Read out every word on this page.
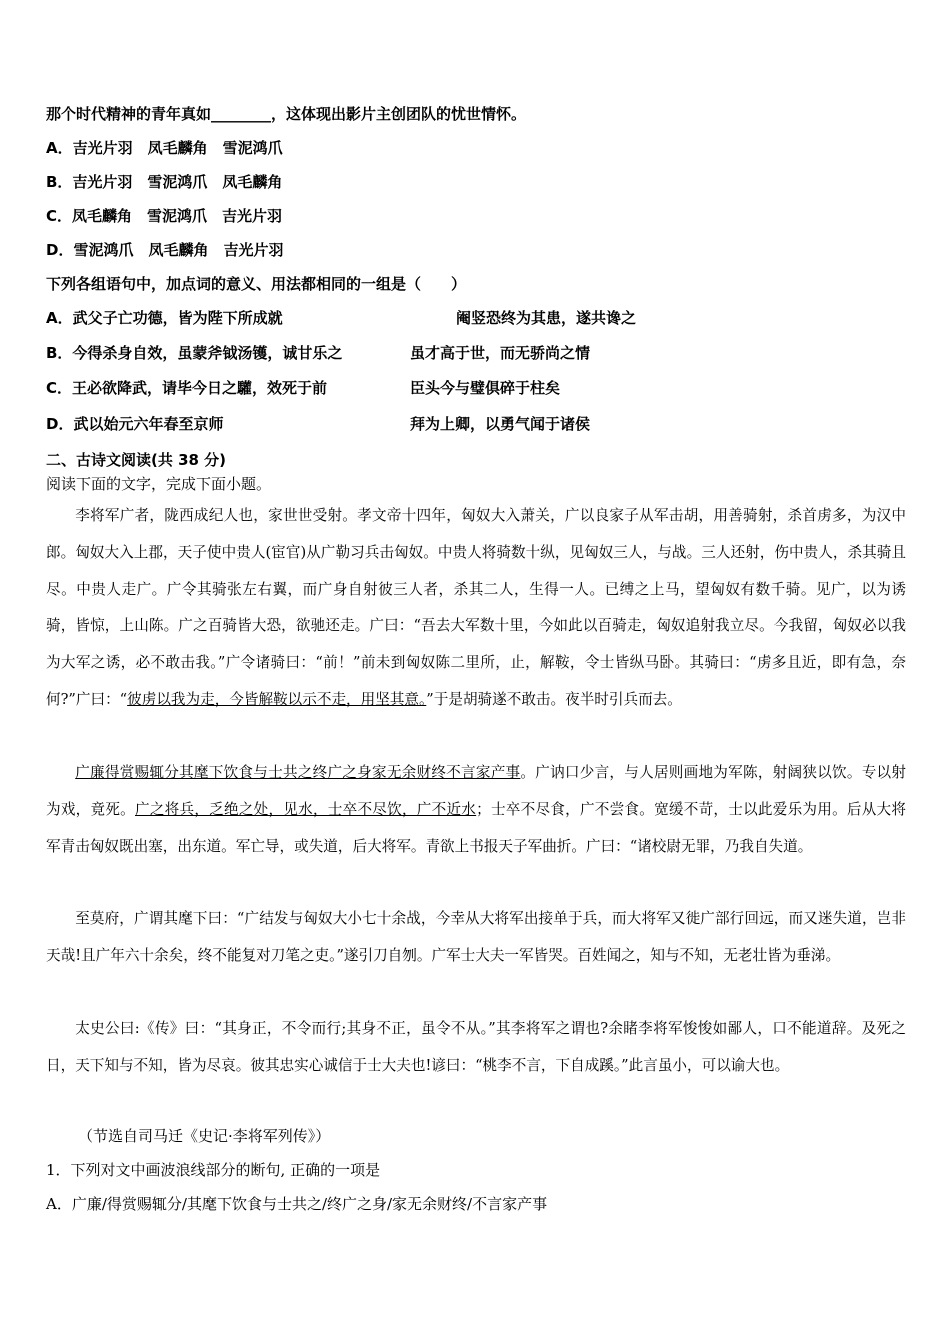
那个时代精神的青年真如________，这体现出影片主创团队的忧世情怀。
A．吉光片羽　凤毛麟角　雪泥鸿爪
B．吉光片羽　雪泥鸿爪　凤毛麟角
C．凤毛麟角　雪泥鸿爪　吉光片羽
D．雪泥鸿爪　凤毛麟角　吉光片羽
下列各组语句中，加点词的意义、用法都相同的一组是（　　）
A．武父子亡功德，皆为陛下所成就	阉竖恐终为其患，遂共谗之
B．今得杀身自效，虽蒙斧钺汤镬，诚甘乐之	虽才高于世，而无骄尚之情
C．王必欲降武，请毕今日之驩，效死于前	臣头今与璧俱碎于柱矣
D．武以始元六年春至京师	拜为上卿，以勇气闻于诸侯
二、古诗文阅读(共 38 分)
阅读下面的文字，完成下面小题。

李将军广者，陇西成纪人也，家世世受射。孝文帝十四年，匈奴大入萧关，广以良家子从军击胡，用善骑射，杀首虏多，为汉中郎。匈奴大入上郡，天子使中贵人(宦官)从广勒习兵击匈奴。中贵人将骑数十纵，见匈奴三人，与战。三人还射，伤中贵人，杀其骑且尽。中贵人走广。广令其骑张左右翼，而广身自射彼三人者，杀其二人，生得一人。已缚之上马，望匈奴有数千骑。见广，以为诱骑，皆惊，上山陈。广之百骑皆大恐，欲驰还走。广曰：“吾去大军数十里，今如此以百骑走，匈奴追射我立尽。今我留，匈奴必以我为大军之诱，必不敢击我。”广令诸骑曰：“前！”前未到匈奴陈二里所，止，解鞍，令士皆纵马卧。其骑曰：“虏多且近，即有急，奈何?”广曰：“彼虏以我为走，今皆解鞍以示不走，用坚其意。”于是胡骑遂不敢击。夜半时引兵而去。

广廉得赏赐辄分其麾下饮食与士共之终广之身家无余财终不言家产事。广讷口少言，与人居则画地为军陈，射阔狭以饮。专以射为戏，竟死。广之将兵，乏绝之处，见水，士卒不尽饮，广不近水；士卒不尽食，广不尝食。宽缓不苛，士以此爱乐为用。后从大将军青击匈奴既出塞，出东道。军亡导，或失道，后大将军。青欲上书报天子军曲折。广曰：“诸校尉无罪，乃我自失道。

至莫府，广谓其麾下曰：“广结发与匈奴大小七十余战，今幸从大将军出接单于兵，而大将军又徙广部行回远，而又迷失道，岂非天哉!且广年六十余矣，终不能复对刀笔之吏。”遂引刀自刎。广军士大夫一军皆哭。百姓闻之，知与不知，无老壮皆为垂涕。

太史公曰:《传》曰：“其身正，不令而行;其身不正，虽令不从。”其李将军之谓也?余睹李将军悛悛如鄙人，口不能道辞。及死之日，天下知与不知，皆为尽哀。彼其忠实心诚信于士大夫也!谚曰：“桃李不言，下自成蹊。”此言虽小，可以谕大也。

（节选自司马迁《史记·李将军列传》）
1．下列对文中画波浪线部分的断句, 正确的一项是
A．广廉/得赏赐辄分/其麾下饮食与士共之/终广之身/家无余财终/不言家产事
